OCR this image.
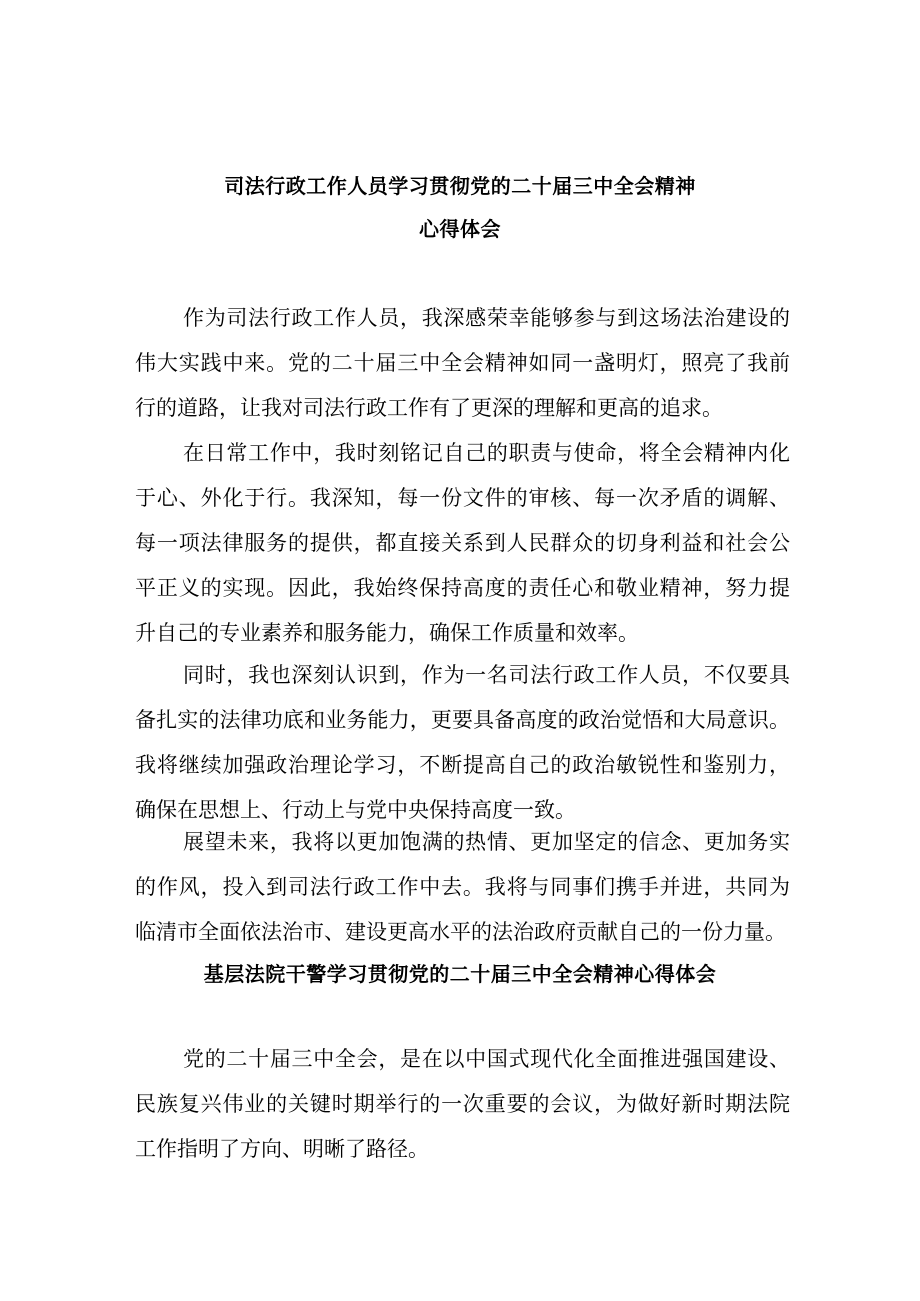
司法行政工作人员学习贯彻党的二十届三中全会精神
心得体会
作为司法行政工作人员，我深感荣幸能够参与到这场法治建设的
伟大实践中来。党的二十届三中全会精神如同一盏明灯，照亮了我前
行的道路，让我对司法行政工作有了更深的理解和更高的追求。
在日常工作中，我时刻铭记自己的职责与使命，将全会精神内化
于心、外化于行。我深知，每一份文件的审核、每一次矛盾的调解、
每一项法律服务的提供，都直接关系到人民群众的切身利益和社会公
平正义的实现。因此，我始终保持高度的责任心和敬业精神，努力提
升自己的专业素养和服务能力，确保工作质量和效率。
同时，我也深刻认识到，作为一名司法行政工作人员，不仅要具
备扎实的法律功底和业务能力，更要具备高度的政治觉悟和大局意识。
我将继续加强政治理论学习，不断提高自己的政治敏锐性和鉴别力，
确保在思想上、行动上与党中央保持高度一致。
展望未来，我将以更加饱满的热情、更加坚定的信念、更加务实
的作风，投入到司法行政工作中去。我将与同事们携手并进，共同为
临清市全面依法治市、建设更高水平的法治政府贡献自己的一份力量。
基层法院干警学习贯彻党的二十届三中全会精神心得体会
党的二十届三中全会，是在以中国式现代化全面推进强国建设、
民族复兴伟业的关键时期举行的一次重要的会议，为做好新时期法院
工作指明了方向、明晰了路径。
